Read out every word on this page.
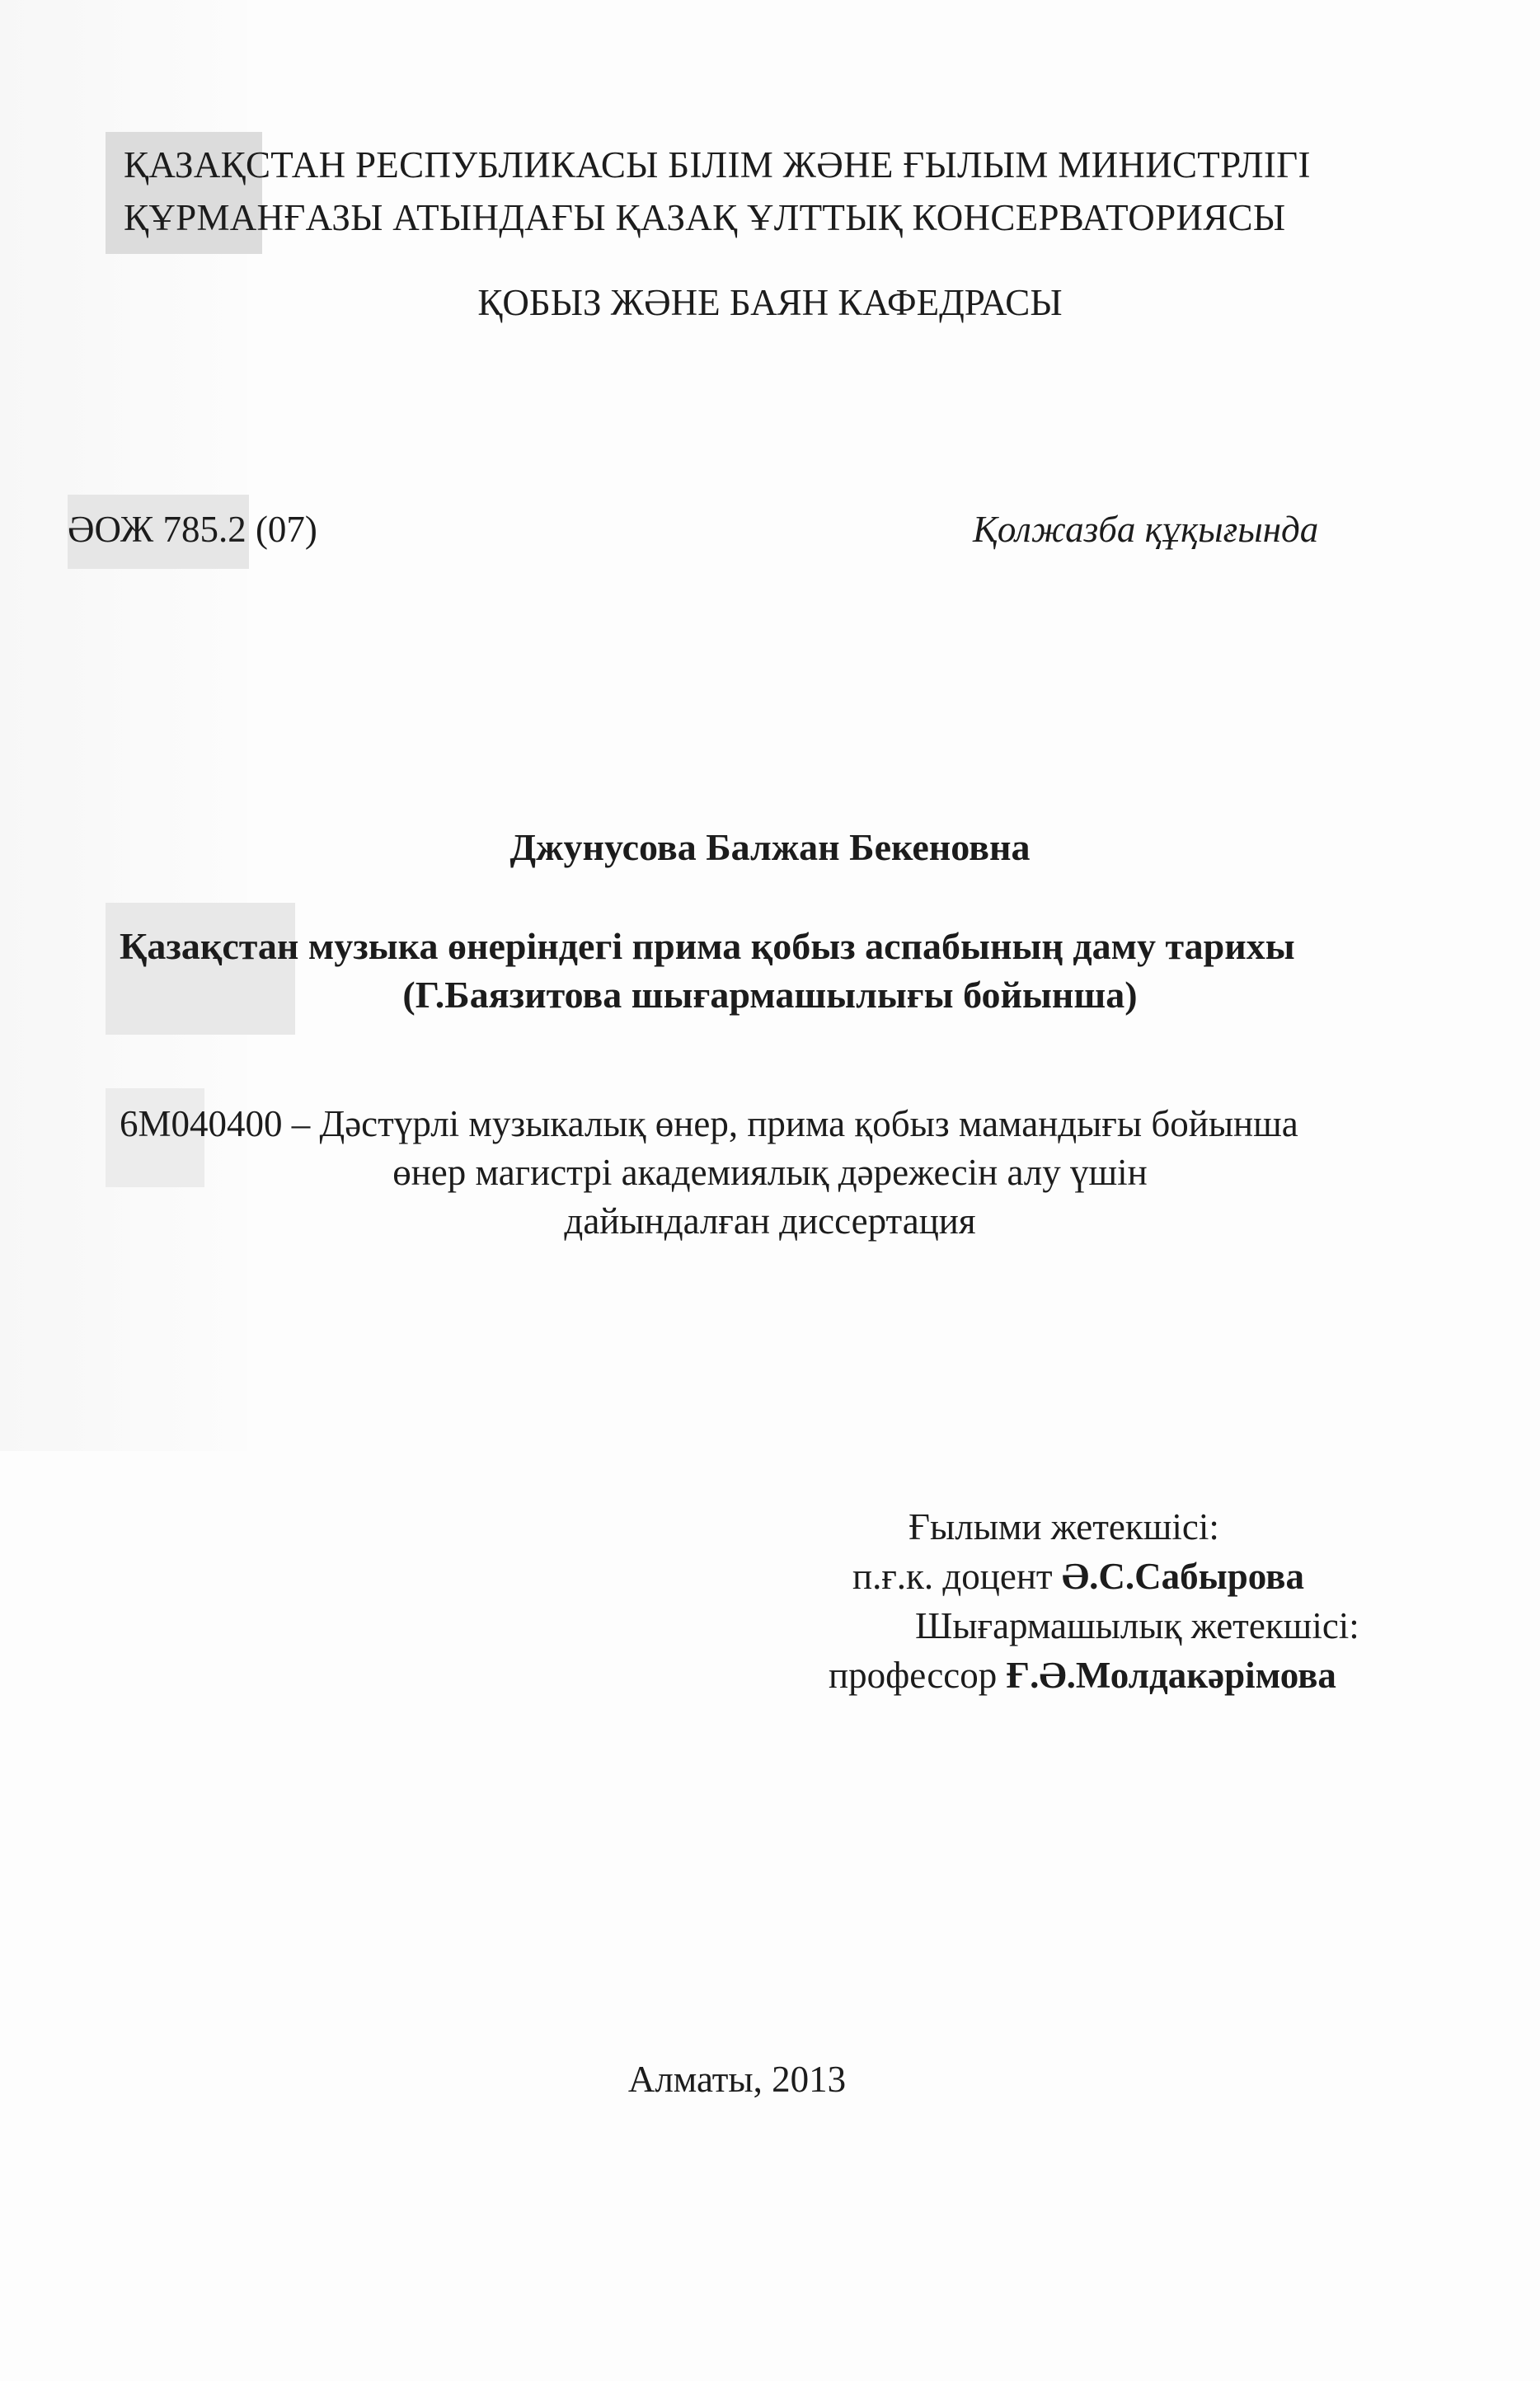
ҚАЗАҚСТАН РЕСПУБЛИКАСЫ БІЛІМ ЖӘНЕ ҒЫЛЫМ МИНИСТРЛІГІ
ҚҰРМАНҒАЗЫ АТЫНДАҒЫ ҚАЗАҚ ҰЛТТЫҚ КОНСЕРВАТОРИЯСЫ
ҚОБЫЗ ЖӘНЕ БАЯН КАФЕДРАСЫ
ӘОЖ 785.2 (07)	Қолжазба құқығында
Джунусова Балжан Бекеновна
Қазақстан музыка өнеріндегі прима қобыз аспабының даму тарихы
(Г.Баязитова шығармашылығы бойынша)
6М040400 – Дәстүрлі музыкалық өнер, прима қобыз мамандығы бойынша
өнер магистрі академиялық дәрежесін алу үшін
дайындалған диссертация
Ғылыми жетекшісі:
п.ғ.к. доцент Ә.С.Сабырова
Шығармашылық жетекшісі:
профессор Ғ.Ә.Молдакәрімова
Алматы, 2013
